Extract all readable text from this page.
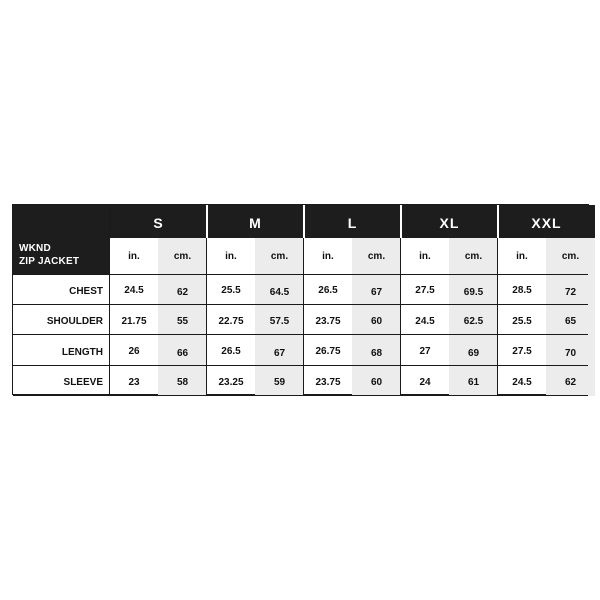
WKND
ZIP JACKET
S
in.	cm.
M
in.	cm.
L
in.	cm.
XL
in.	cm.
XXL
in.	cm.
CHEST	24.5	62	25.5	64.5	26.5	67	27.5	69.5	28.5	72
SHOULDER	21.75	55	22.75	57.5	23.75	60	24.5	62.5	25.5	65
LENGTH	26	66	26.5	67	26.75	68	27	69	27.5	70
SLEEVE	23	58	23.25	59	23.75	60	24	61	24.5	62
